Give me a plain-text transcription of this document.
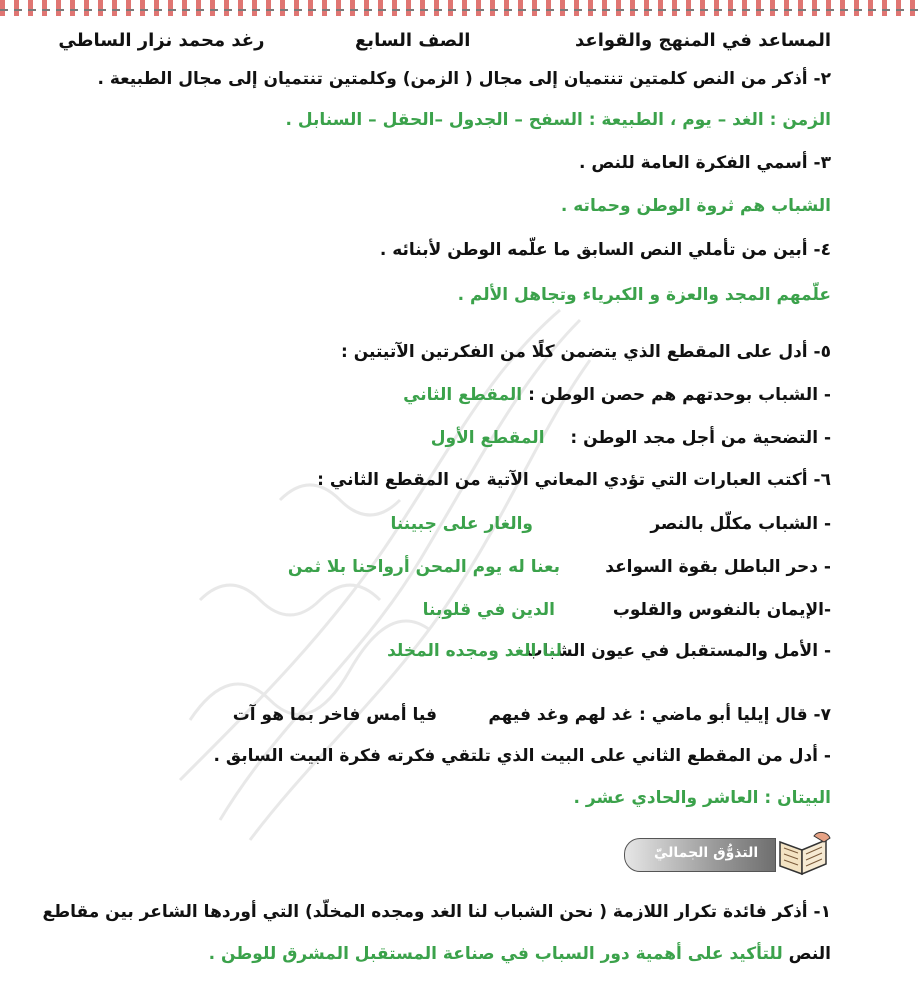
المساعد في المنهج والقواعد  الصف السابع  رغد محمد نزار الساطي
٢- أذكر من النص كلمتين تنتميان إلى مجال ( الزمن) وكلمتين تنتميان إلى مجال الطبيعة .
الزمن : الغد – يوم ، الطبيعة : السفح – الجدول –الحقل – السنابل .
٣- أسمي الفكرة العامة للنص .
الشباب هم ثروة الوطن وحماته .
٤- أبين من تأملي النص السابق ما علّمه الوطن لأبنائه .
علّمهم المجد والعزة و الكبرياء وتجاهل الألم .
٥- أدل على المقطع الذي يتضمن كلًا من الفكرتين الآتيتين :
- الشباب بوحدتهم هم حصن الوطن : المقطع الثاني
- التضحية من أجل مجد الوطن :  المقطع الأول
٦- أكتب العبارات التي تؤدي المعاني الآتية من المقطع الثاني :
- الشباب مكلّل بالنصر
والغار على جبيننا
- دحر الباطل بقوة السواعد
بعنا له يوم المحن أرواحنا بلا ثمن
-الإيمان بالنفوس والقلوب
الدين في قلوبنا
- الأمل والمستقبل في عيون الشباب
لنا الغد ومجده المخلد
٧- قال إيليا أبو ماضي : غد لهم وغد فيهم
فيا أمس فاخر بما هو آت
- أدل من المقطع الثاني على البيت الذي تلتقي فكرته فكرة البيت السابق .
البيتان : العاشر والحادي عشر .
التذوُّق الجماليّ
١- أذكر فائدة تكرار اللازمة ( نحن الشباب لنا الغد ومجده المخلّد) التي أوردها الشاعر بين مقاطع
النص للتأكيد على أهمية دور السباب في صناعة المستقبل المشرق للوطن .
